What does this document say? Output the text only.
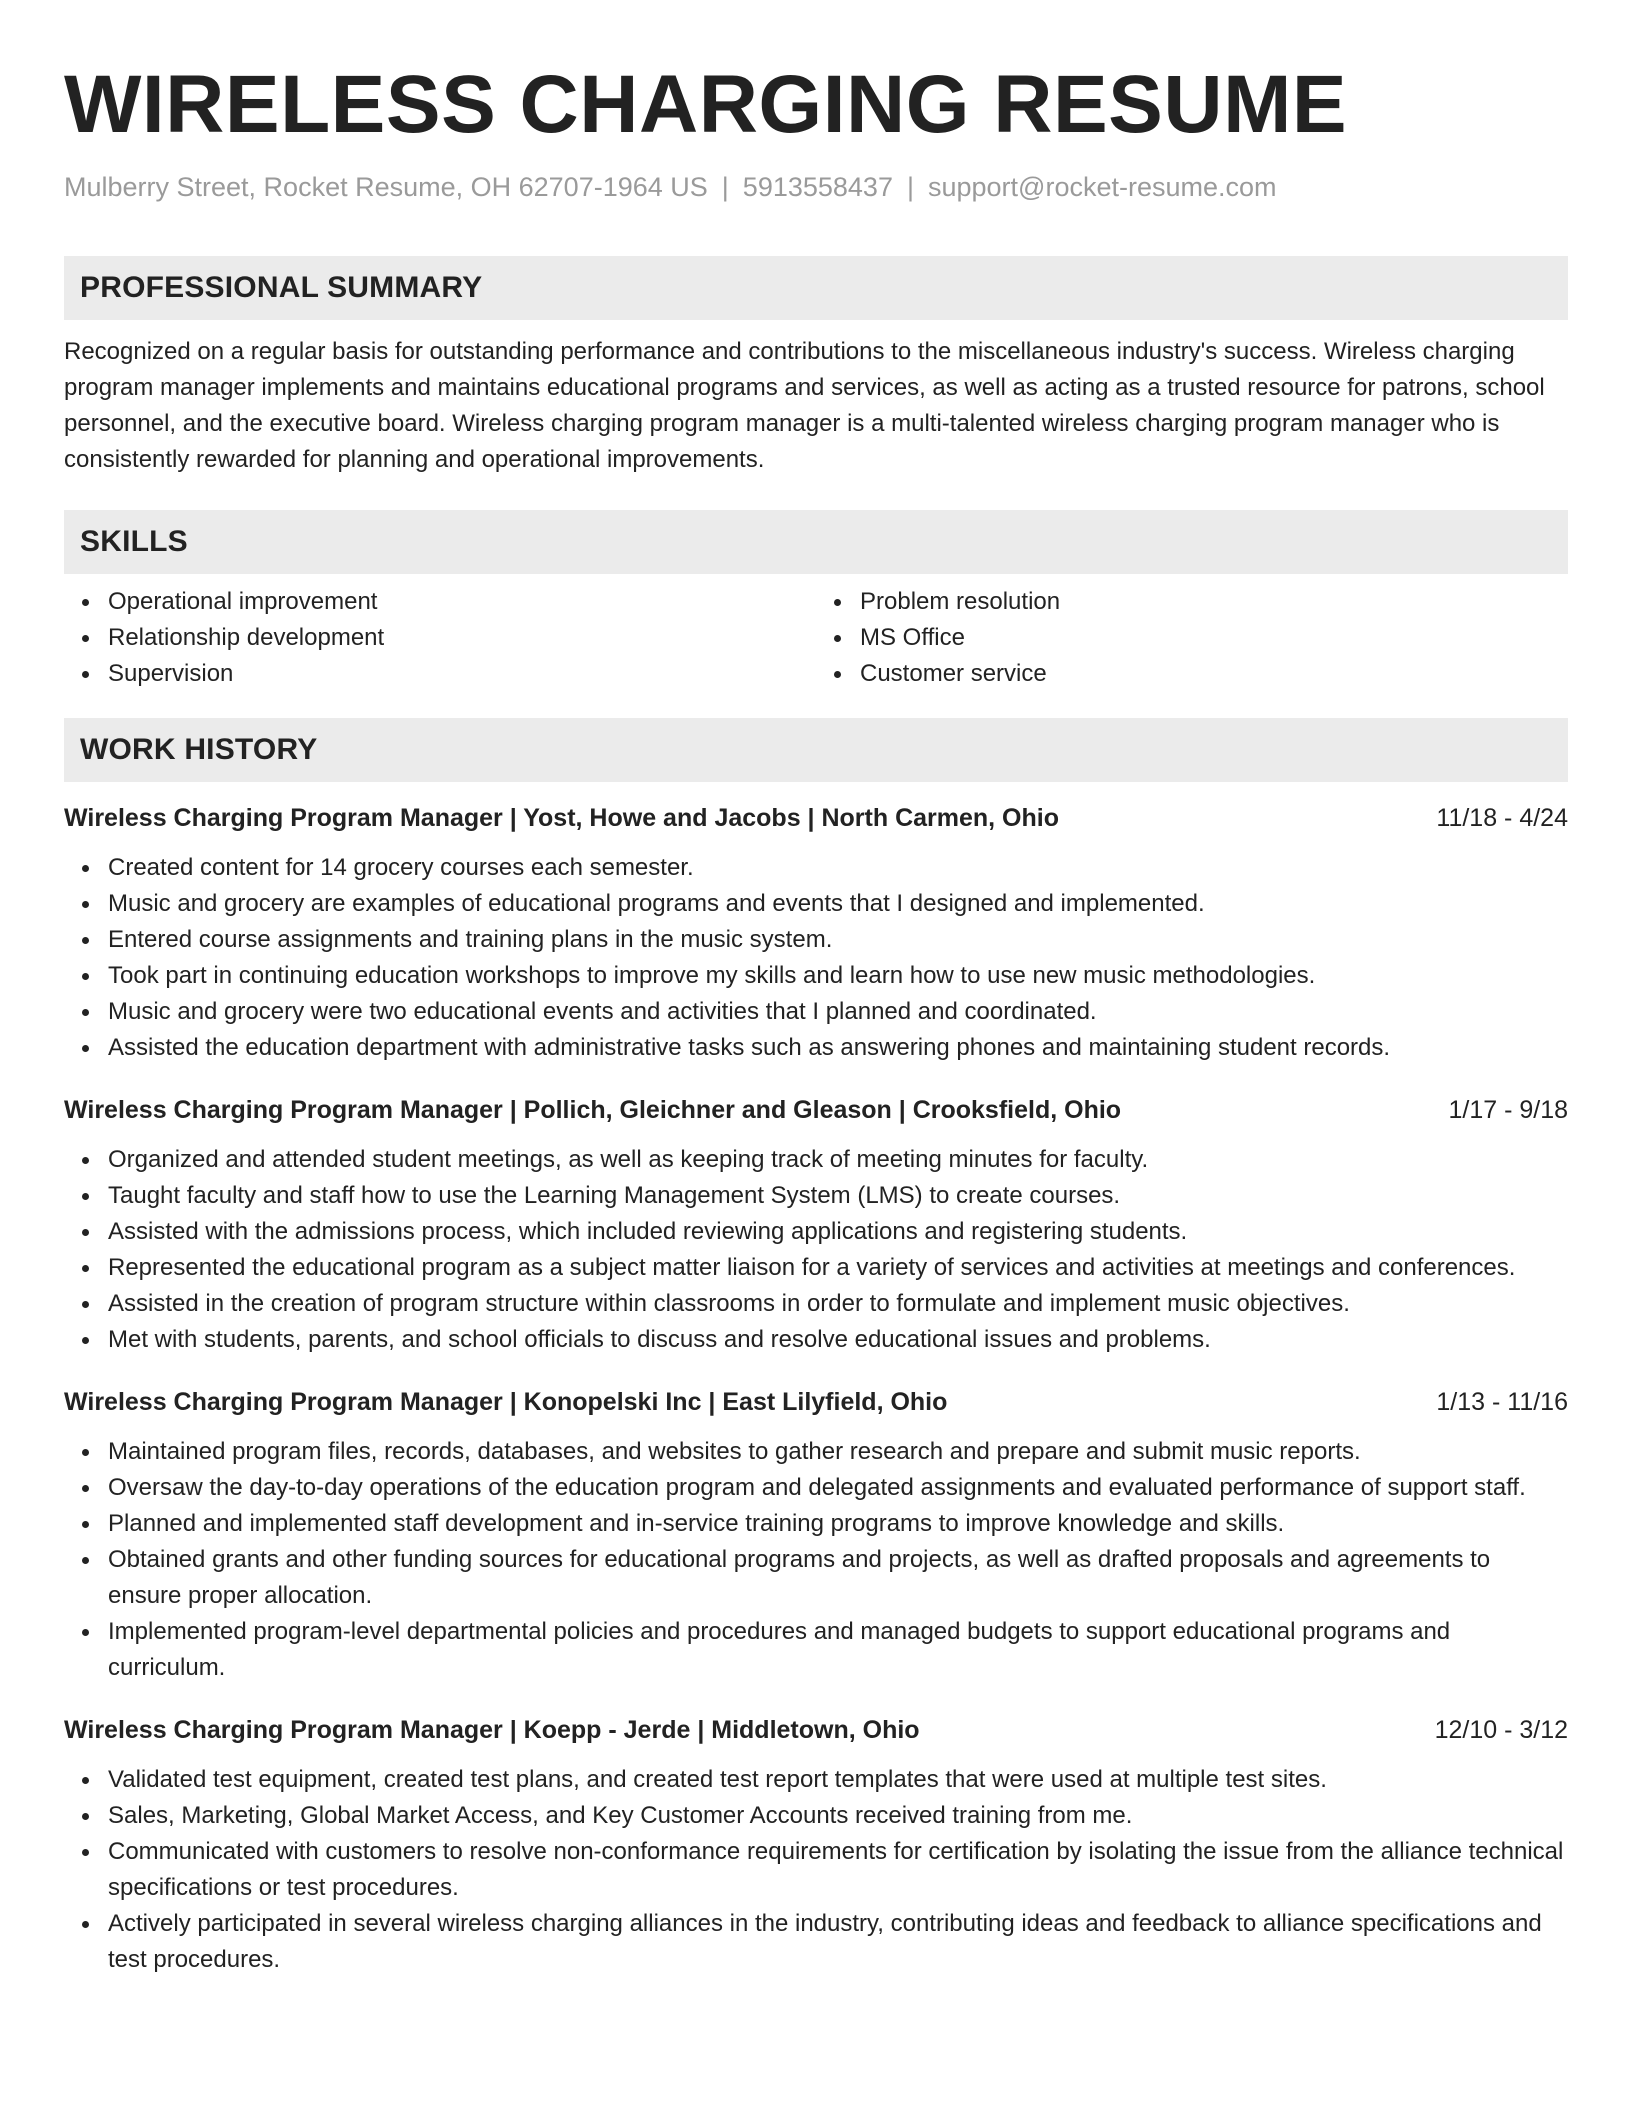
WIRELESS CHARGING RESUME
Mulberry Street, Rocket Resume, OH 62707-1964 US | 5913558437 | support@rocket-resume.com
PROFESSIONAL SUMMARY
Recognized on a regular basis for outstanding performance and contributions to the miscellaneous industry's success. Wireless charging program manager implements and maintains educational programs and services, as well as acting as a trusted resource for patrons, school personnel, and the executive board. Wireless charging program manager is a multi-talented wireless charging program manager who is consistently rewarded for planning and operational improvements.
SKILLS
Operational improvement
Relationship development
Supervision
Problem resolution
MS Office
Customer service
WORK HISTORY
Wireless Charging Program Manager | Yost, Howe and Jacobs | North Carmen, Ohio	11/18 - 4/24
Created content for 14 grocery courses each semester.
Music and grocery are examples of educational programs and events that I designed and implemented.
Entered course assignments and training plans in the music system.
Took part in continuing education workshops to improve my skills and learn how to use new music methodologies.
Music and grocery were two educational events and activities that I planned and coordinated.
Assisted the education department with administrative tasks such as answering phones and maintaining student records.
Wireless Charging Program Manager | Pollich, Gleichner and Gleason | Crooksfield, Ohio	1/17 - 9/18
Organized and attended student meetings, as well as keeping track of meeting minutes for faculty.
Taught faculty and staff how to use the Learning Management System (LMS) to create courses.
Assisted with the admissions process, which included reviewing applications and registering students.
Represented the educational program as a subject matter liaison for a variety of services and activities at meetings and conferences.
Assisted in the creation of program structure within classrooms in order to formulate and implement music objectives.
Met with students, parents, and school officials to discuss and resolve educational issues and problems.
Wireless Charging Program Manager | Konopelski Inc | East Lilyfield, Ohio	1/13 - 11/16
Maintained program files, records, databases, and websites to gather research and prepare and submit music reports.
Oversaw the day-to-day operations of the education program and delegated assignments and evaluated performance of support staff.
Planned and implemented staff development and in-service training programs to improve knowledge and skills.
Obtained grants and other funding sources for educational programs and projects, as well as drafted proposals and agreements to ensure proper allocation.
Implemented program-level departmental policies and procedures and managed budgets to support educational programs and curriculum.
Wireless Charging Program Manager | Koepp - Jerde | Middletown, Ohio	12/10 - 3/12
Validated test equipment, created test plans, and created test report templates that were used at multiple test sites.
Sales, Marketing, Global Market Access, and Key Customer Accounts received training from me.
Communicated with customers to resolve non-conformance requirements for certification by isolating the issue from the alliance technical specifications or test procedures.
Actively participated in several wireless charging alliances in the industry, contributing ideas and feedback to alliance specifications and test procedures.
